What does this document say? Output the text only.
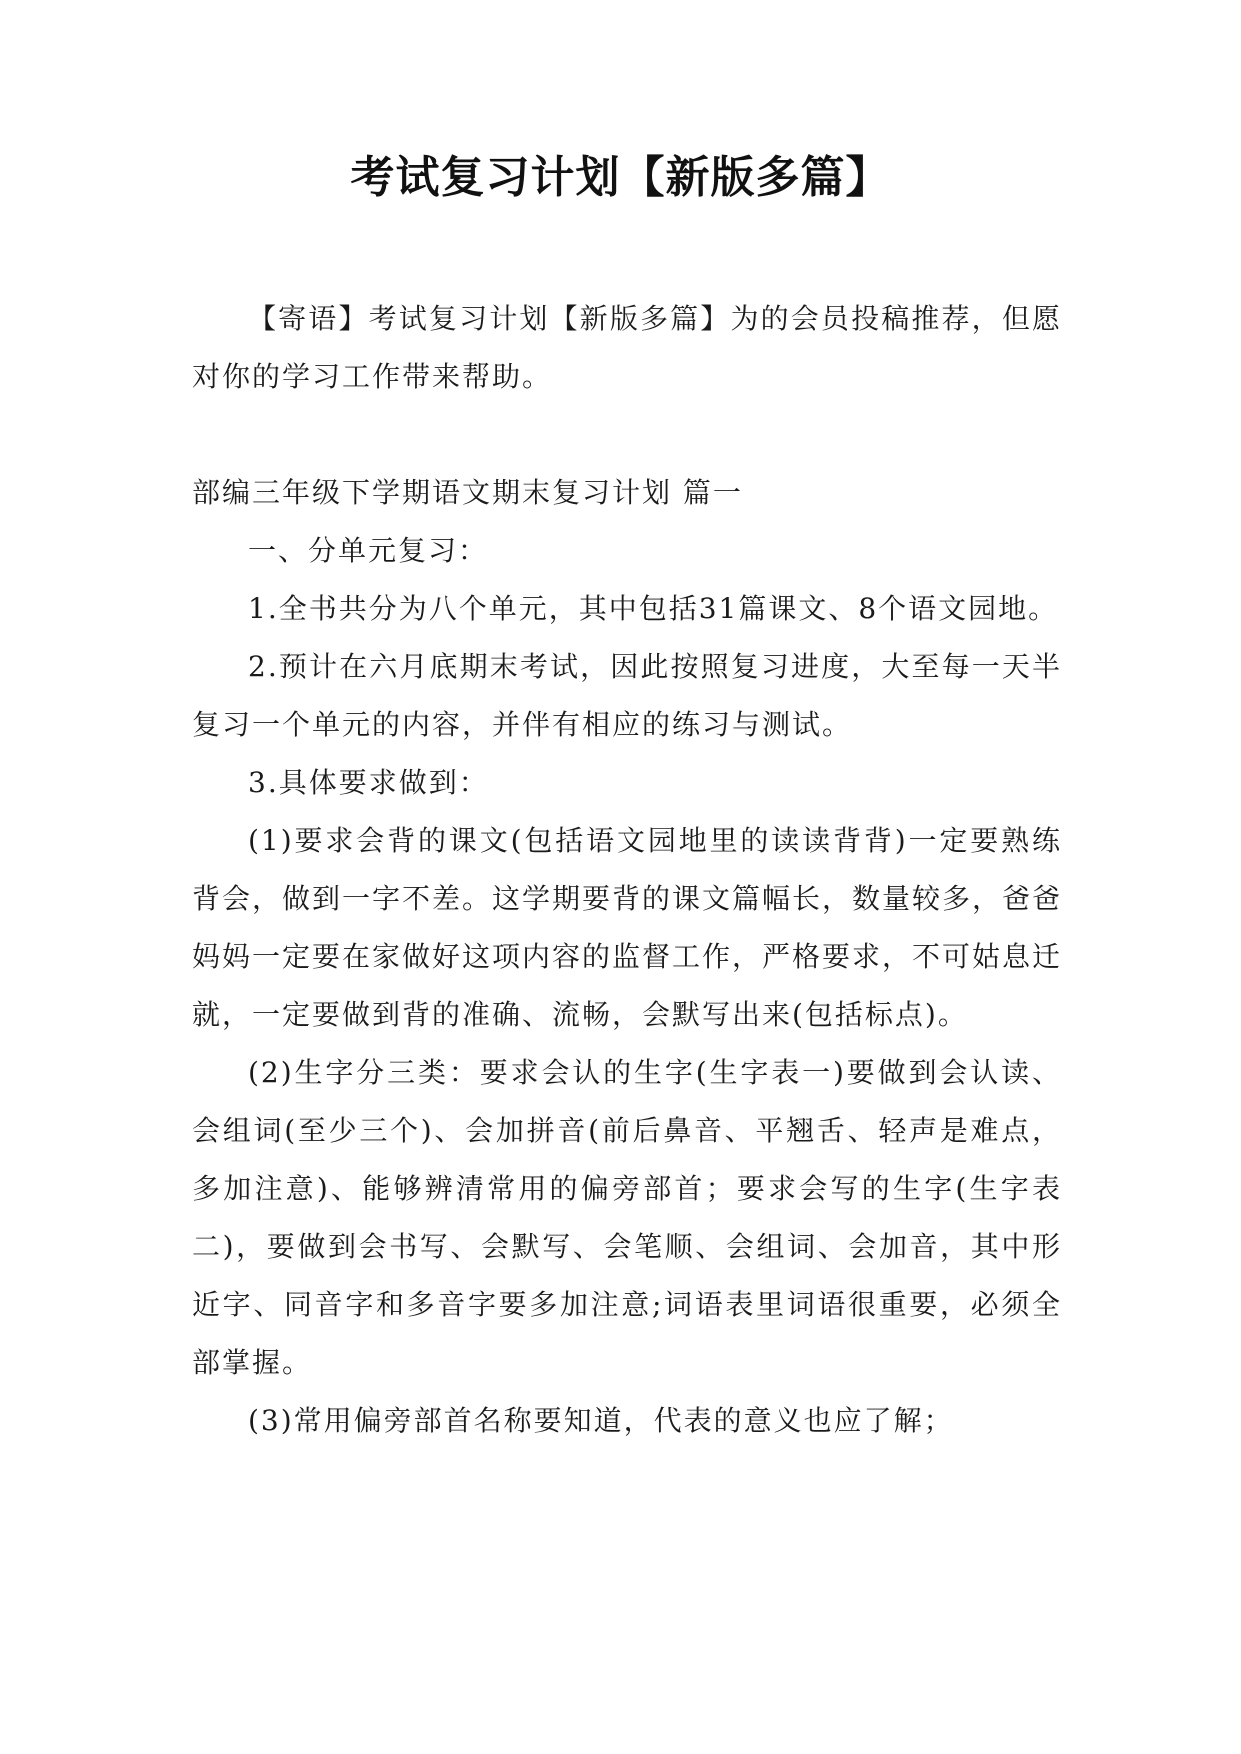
考试复习计划【新版多篇】

【寄语】考试复习计划【新版多篇】为的会员投稿推荐，但愿对你的学习工作带来帮助。

部编三年级下学期语文期末复习计划 篇一

一、分单元复习：

1.全书共分为八个单元，其中包括31篇课文、8个语文园地。

2.预计在六月底期末考试，因此按照复习进度，大至每一天半复习一个单元的内容，并伴有相应的练习与测试。

3.具体要求做到：

(1)要求会背的课文(包括语文园地里的读读背背)一定要熟练背会，做到一字不差。这学期要背的课文篇幅长，数量较多，爸爸妈妈一定要在家做好这项内容的监督工作，严格要求，不可姑息迁就，一定要做到背的准确、流畅，会默写出来(包括标点)。

(2)生字分三类：要求会认的生字(生字表一)要做到会认读、会组词(至少三个)、会加拼音(前后鼻音、平翘舌、轻声是难点，多加注意)、能够辨清常用的偏旁部首；要求会写的生字(生字表二)，要做到会书写、会默写、会笔顺、会组词、会加音，其中形近字、同音字和多音字要多加注意;词语表里词语很重要，必须全部掌握。

(3)常用偏旁部首名称要知道，代表的意义也应了解；
